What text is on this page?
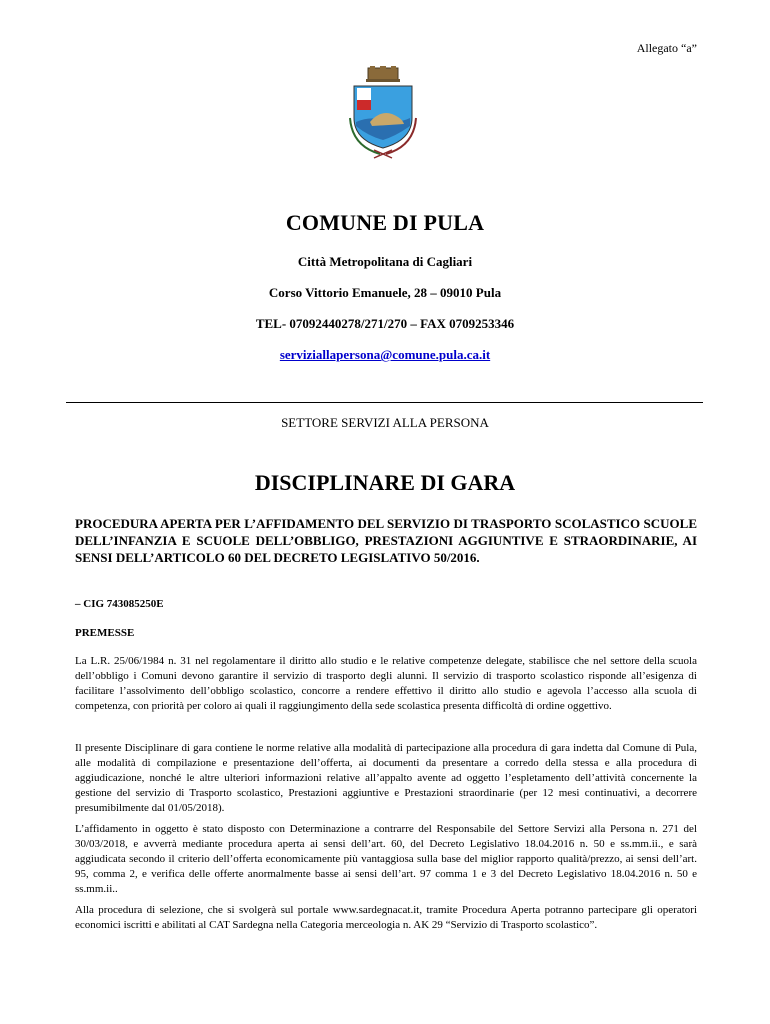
Allegato “a”
COMUNE DI PULA
Città Metropolitana di Cagliari
Corso Vittorio Emanuele, 28 – 09010 Pula
TEL- 07092440278/271/270 – FAX 0709253346
serviziallapersona@comune.pula.ca.it
SETTORE SERVIZI ALLA PERSONA
DISCIPLINARE DI GARA
PROCEDURA APERTA PER L’AFFIDAMENTO DEL SERVIZIO DI TRASPORTO SCOLASTICO SCUOLE DELL’INFANZIA E SCUOLE DELL’OBBLIGO, PRESTAZIONI AGGIUNTIVE E STRAORDINARIE, AI SENSI DELL’ARTICOLO 60 DEL DECRETO LEGISLATIVO 50/2016.
– CIG 743085250E
PREMESSE

La L.R. 25/06/1984 n. 31 nel regolamentare il diritto allo studio e le relative competenze delegate, stabilisce che nel settore della scuola dell’obbligo i Comuni devono garantire il servizio di trasporto degli alunni. Il servizio di trasporto scolastico risponde all’esigenza di facilitare l’assolvimento dell’obbligo scolastico, concorre a rendere effettivo il diritto allo studio e agevola l’accesso alla scuola di competenza, con priorità per coloro ai quali il raggiungimento della sede scolastica presenta difficoltà di ordine oggettivo.

Il presente Disciplinare di gara contiene le norme relative alla modalità di partecipazione alla procedura di gara indetta dal Comune di Pula, alle modalità di compilazione e presentazione dell’offerta, ai documenti da presentare a corredo della stessa e alla procedura di aggiudicazione, nonché le altre ulteriori informazioni relative all’appalto avente ad oggetto l’espletamento dell’attività concernente la gestione del servizio di Trasporto scolastico, Prestazioni aggiuntive e Prestazioni straordinarie (per 12 mesi continuativi, a decorrere presumibilmente dal 01/05/2018).

L’affidamento in oggetto è stato disposto con Determinazione a contrarre del Responsabile del Settore Servizi alla Persona n. 271 del 30/03/2018, e avverrà mediante procedura aperta ai sensi dell’art. 60, del Decreto Legislativo 18.04.2016 n. 50 e ss.mm.ii., e sarà aggiudicata secondo il criterio dell’offerta economicamente più vantaggiosa sulla base del miglior rapporto qualità/prezzo, ai sensi dell’art. 95, comma 2, e verifica delle offerte anormalmente basse ai sensi dell’art. 97 comma 1 e 3 del Decreto Legislativo 18.04.2016 n. 50 e ss.mm.ii..

Alla procedura di selezione, che si svolgerà sul portale www.sardegnacat.it, tramite Procedura Aperta potranno partecipare gli operatori economici iscritti e abilitati al CAT Sardegna nella Categoria merceologia n. AK 29 “Servizio di Trasporto scolastico”.
